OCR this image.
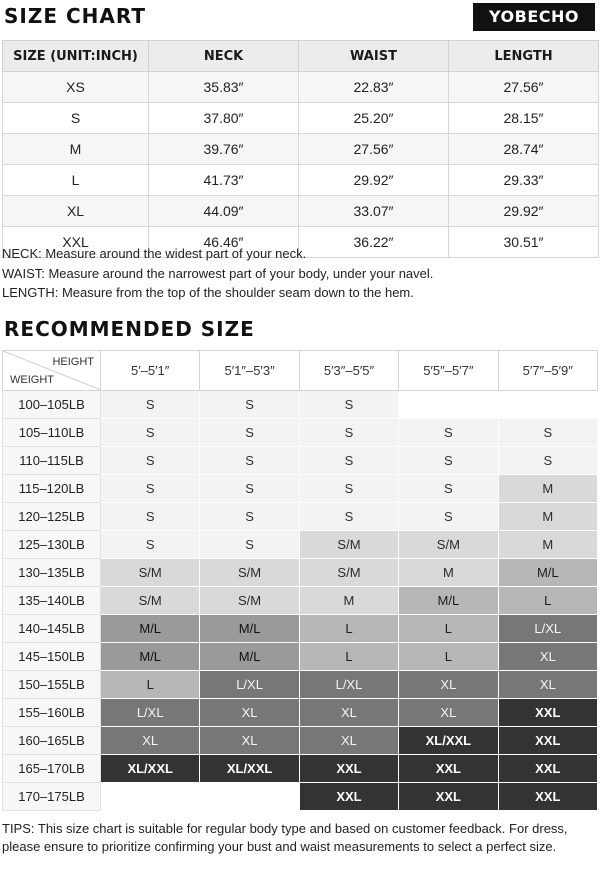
SIZE CHART	YOBECHO
SIZE (UNIT:INCH)	NECK	WAIST	LENGTH
XS	35.83″	22.83″	27.56″
S	37.80″	25.20″	28.15″
M	39.76″	27.56″	28.74″
L	41.73″	29.92″	29.33″
XL	44.09″	33.07″	29.92″
XXL	46.46″	36.22″	30.51″
NECK: Measure around the widest part of your neck.
WAIST: Measure around the narrowest part of your body, under your navel.
LENGTH: Measure from the top of the shoulder seam down to the hem.
RECOMMENDED SIZE
HEIGHT
WEIGHT	5′–5′1″	5′1″–5′3″	5′3″–5′5″	5′5″–5′7″	5′7″–5′9″
100–105LB	S	S	S		
105–110LB	S	S	S	S	S
110–115LB	S	S	S	S	S
115–120LB	S	S	S	S	M
120–125LB	S	S	S	S	M
125–130LB	S	S	S/M	S/M	M
130–135LB	S/M	S/M	S/M	M	M/L
135–140LB	S/M	S/M	M	M/L	L
140–145LB	M/L	M/L	L	L	L/XL
145–150LB	M/L	M/L	L	L	XL
150–155LB	L	L/XL	L/XL	XL	XL
155–160LB	L/XL	XL	XL	XL	XXL
160–165LB	XL	XL	XL	XL/XXL	XXL
165–170LB	XL/XXL	XL/XXL	XXL	XXL	XXL
170–175LB			XXL	XXL	XXL
TIPS: This size chart is suitable for regular body type and based on customer feedback. For dress, please ensure to prioritize confirming your bust and waist measurements to select a perfect size.
